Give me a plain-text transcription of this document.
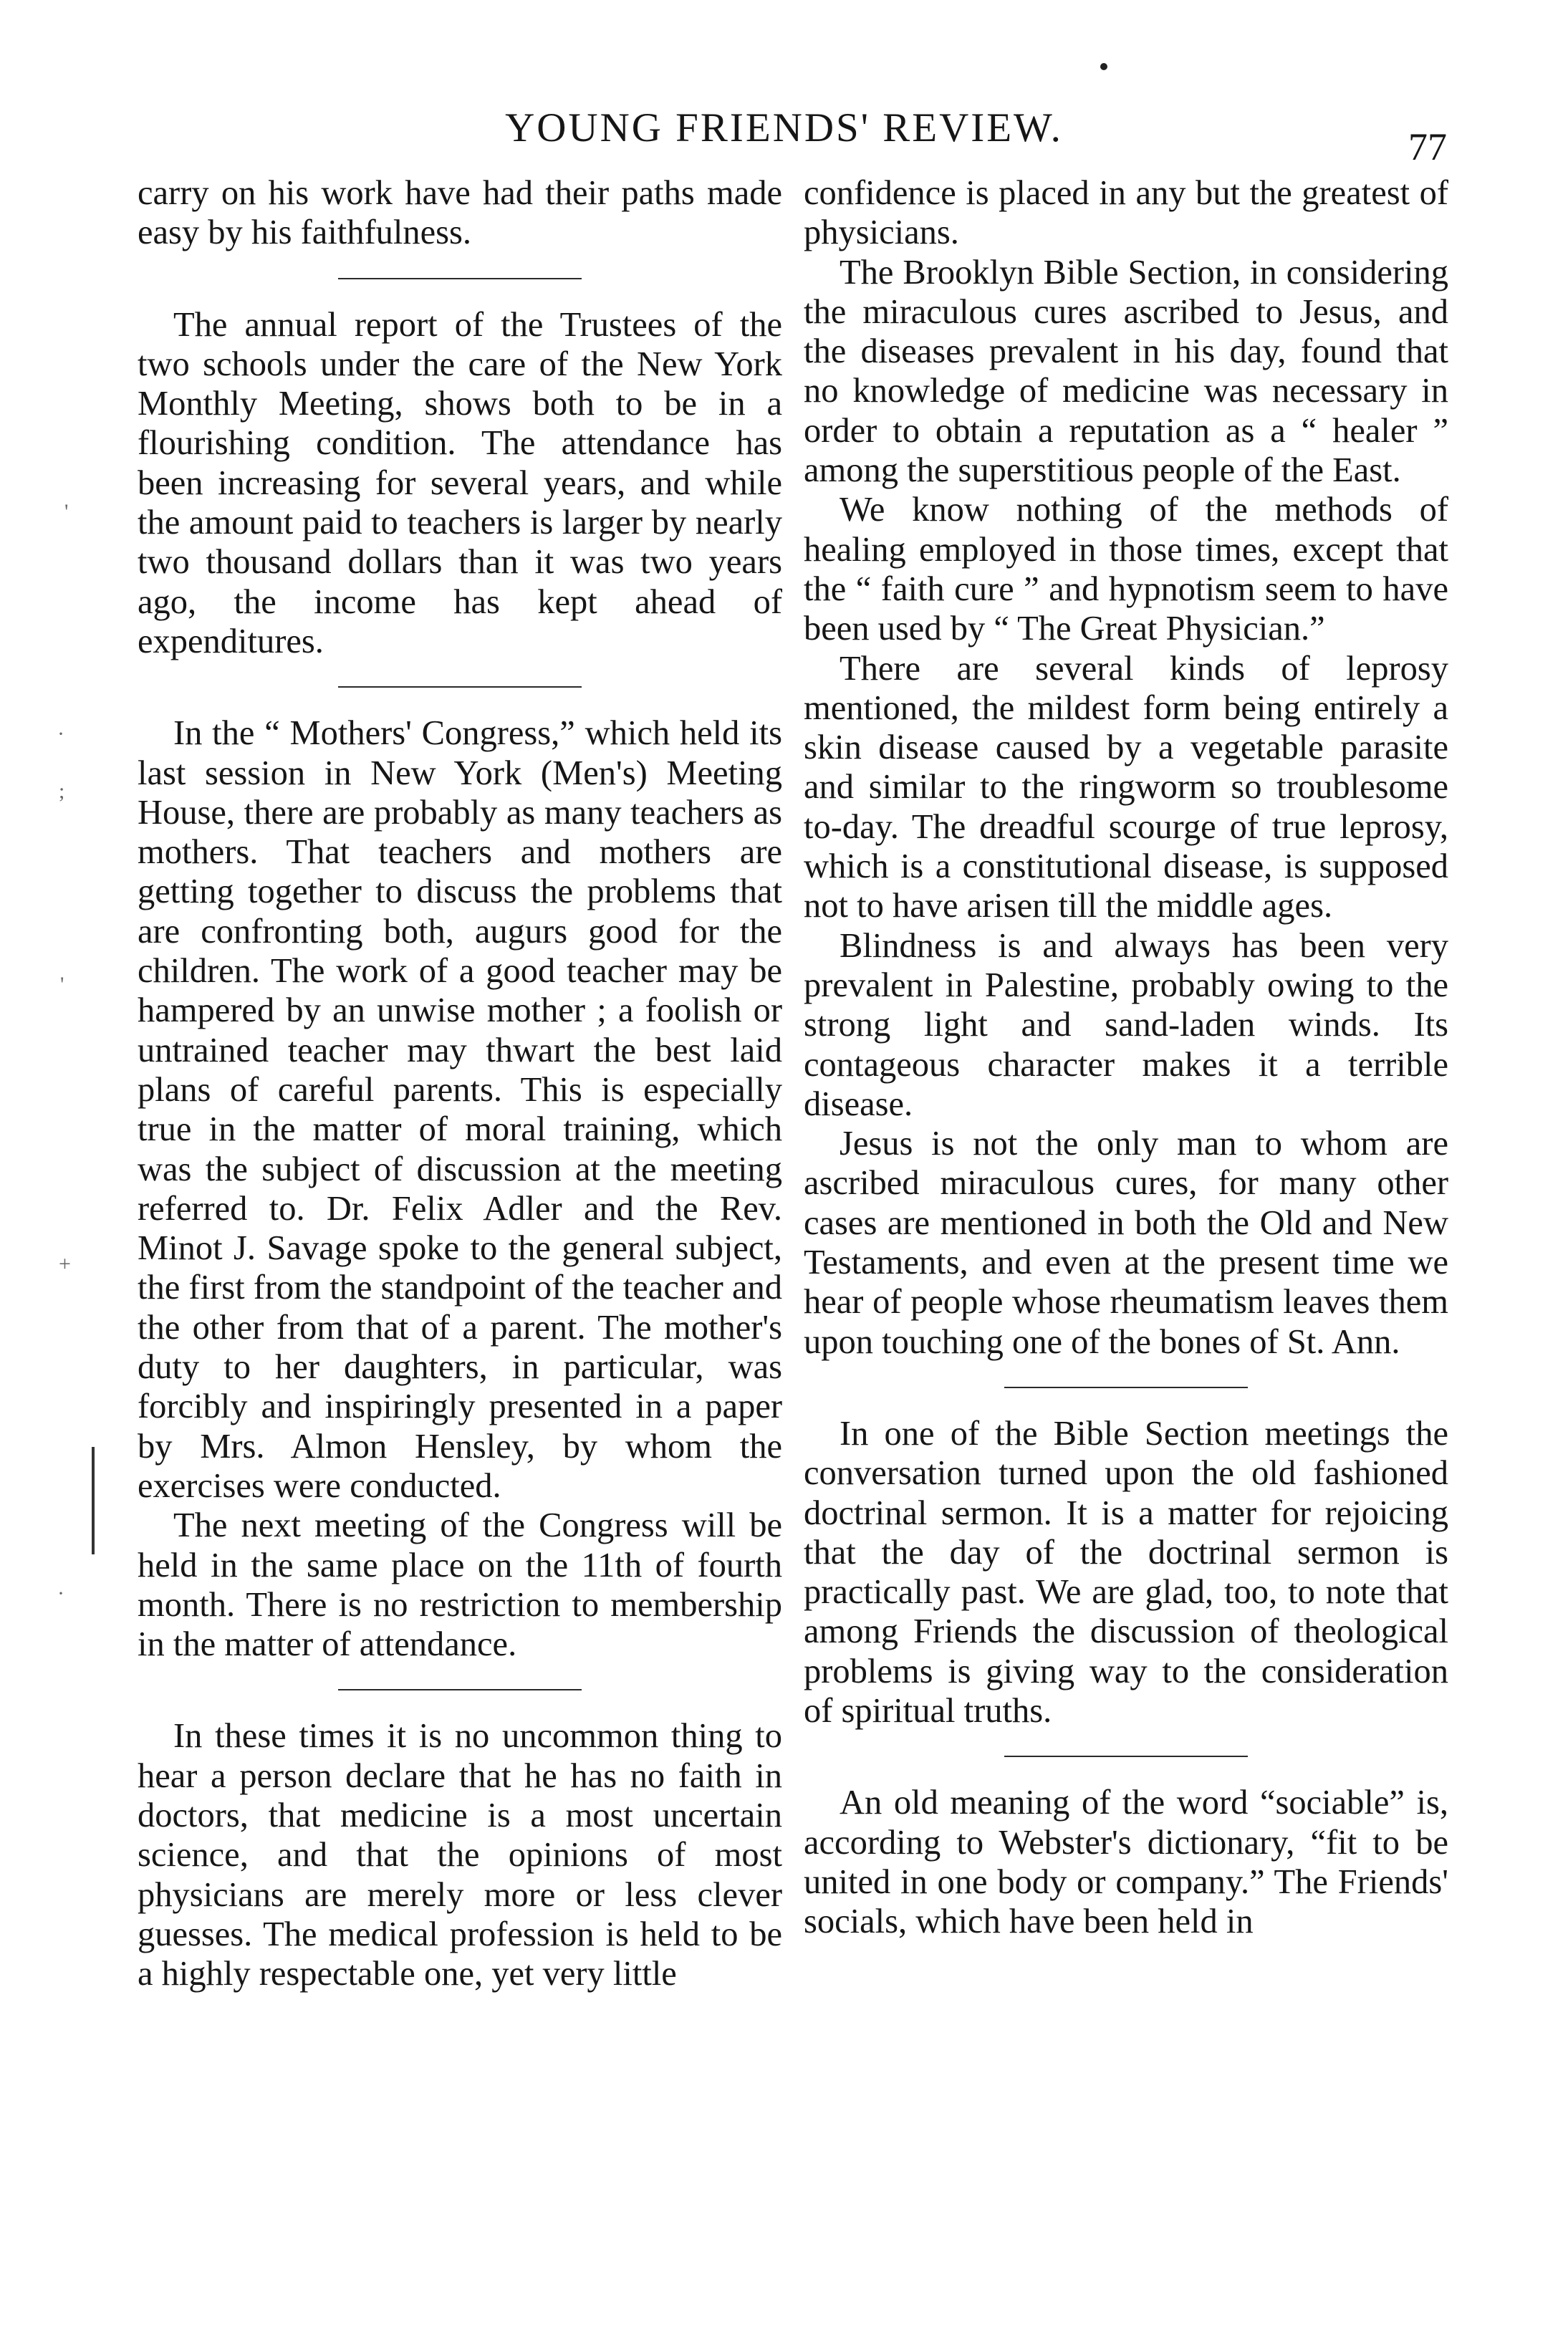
YOUNG FRIENDS' REVIEW.	77
'
·
;
'
+
·

carry on his work have had their paths made easy by his faithfulness.

The annual report of the Trustees of the two schools under the care of the New York Monthly Meeting, shows both to be in a flourishing condition. The attendance has been increasing for several years, and while the amount paid to teachers is larger by nearly two thousand dollars than it was two years ago, the income has kept ahead of expenditures.

In the “ Mothers' Congress,” which held its last session in New York (Men's) Meeting House, there are probably as many teachers as mothers. That teachers and mothers are getting together to discuss the problems that are confronting both, augurs good for the children. The work of a good teacher may be hampered by an unwise mother ; a foolish or untrained teacher may thwart the best laid plans of careful parents. This is especially true in the matter of moral training, which was the subject of discussion at the meeting referred to. Dr. Felix Adler and the Rev. Minot J. Savage spoke to the general subject, the first from the standpoint of the teacher and the other from that of a parent. The mother's duty to her daughters, in particular, was forcibly and inspiringly presented in a paper by Mrs. Almon Hensley, by whom the exercises were conducted.

The next meeting of the Congress will be held in the same place on the 11th of fourth month. There is no restriction to membership in the matter of attendance.

In these times it is no uncommon thing to hear a person declare that he has no faith in doctors, that medicine is a most uncertain science, and that the opinions of most physicians are merely more or less clever guesses. The medical profession is held to be a highly respectable one, yet very little

confidence is placed in any but the greatest of physicians.

The Brooklyn Bible Section, in considering the miraculous cures ascribed to Jesus, and the diseases prevalent in his day, found that no knowledge of medicine was necessary in order to obtain a reputation as a “ healer ” among the superstitious people of the East.

We know nothing of the methods of healing employed in those times, except that the “ faith cure ” and hypnotism seem to have been used by “ The Great Physician.”

There are several kinds of leprosy mentioned, the mildest form being entirely a skin disease caused by a vegetable parasite and similar to the ringworm so troublesome to-day. The dreadful scourge of true leprosy, which is a constitutional disease, is supposed not to have arisen till the middle ages.

Blindness is and always has been very prevalent in Palestine, probably owing to the strong light and sand-laden winds. Its contageous character makes it a terrible disease.

Jesus is not the only man to whom are ascribed miraculous cures, for many other cases are mentioned in both the Old and New Testaments, and even at the present time we hear of people whose rheumatism leaves them upon touching one of the bones of St. Ann.

In one of the Bible Section meetings the conversation turned upon the old fashioned doctrinal sermon. It is a matter for rejoicing that the day of the doctrinal sermon is practically past. We are glad, too, to note that among Friends the discussion of theological problems is giving way to the consideration of spiritual truths.

An old meaning of the word “sociable” is, according to Webster's dictionary, “fit to be united in one body or company.” The Friends' socials, which have been held in
